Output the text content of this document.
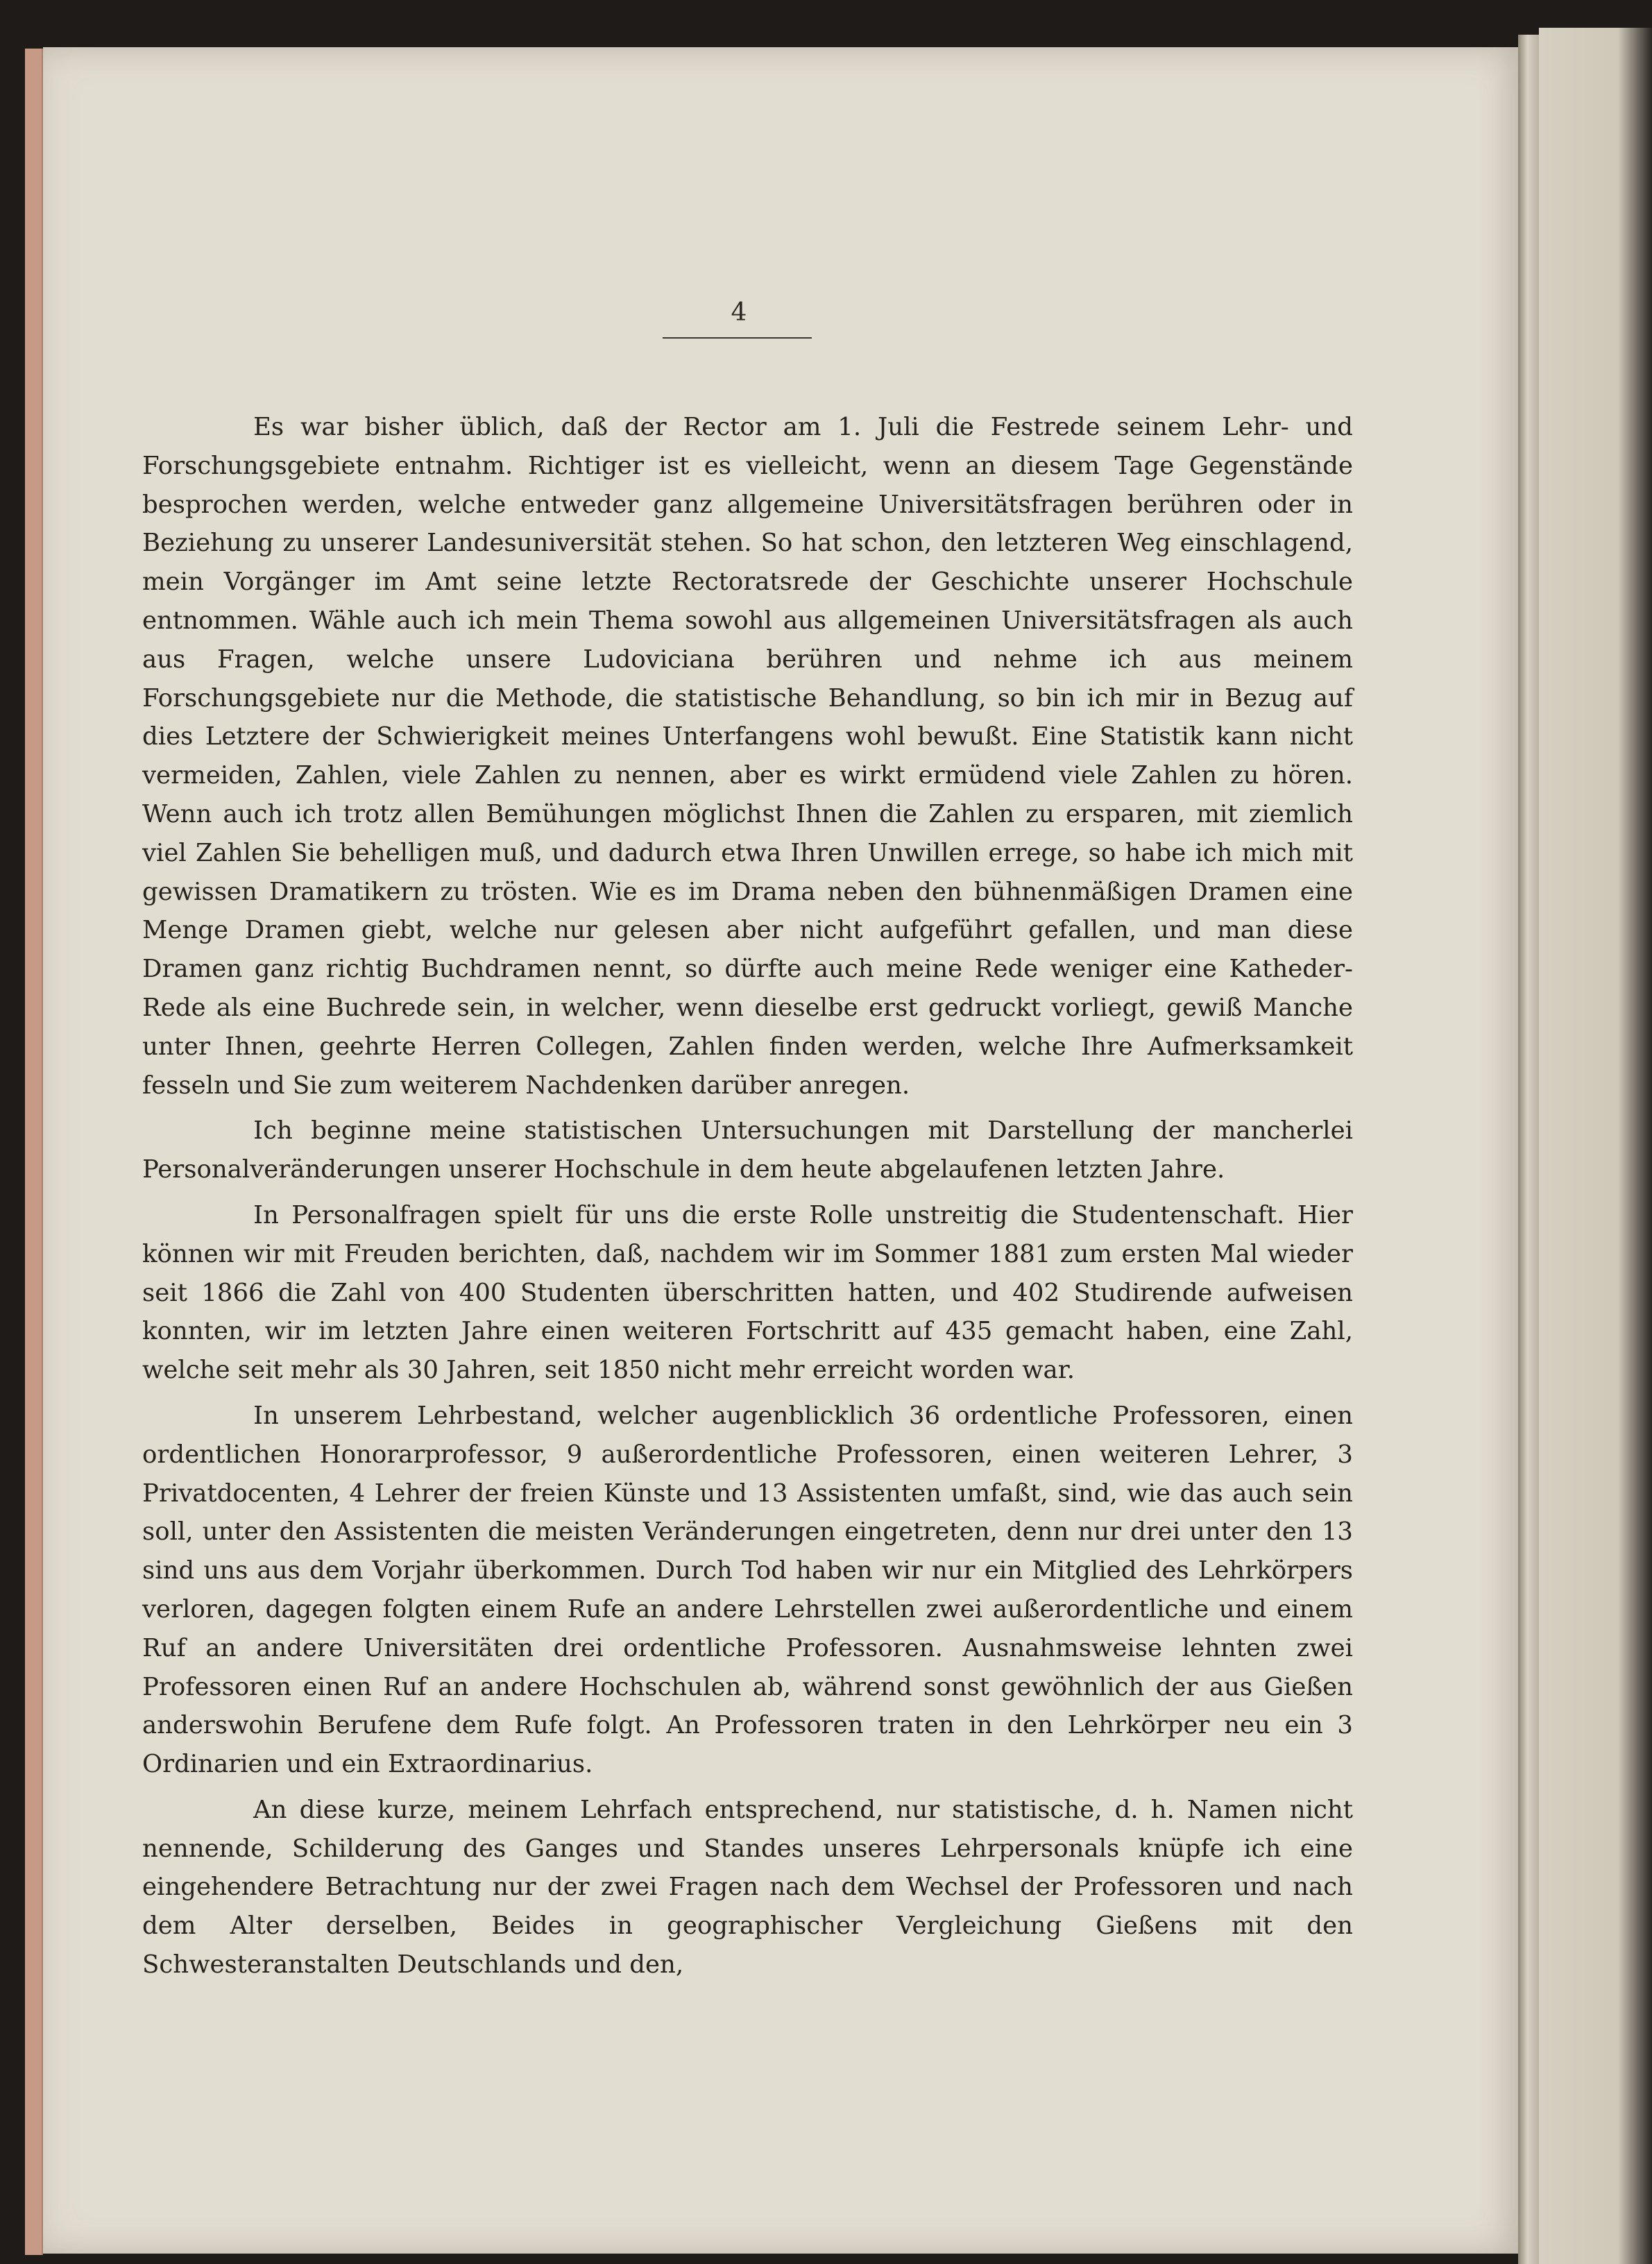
4

Es war bisher üblich, daß der Rector am 1. Juli die Festrede seinem Lehr- und Forschungsgebiete entnahm. Richtiger ist es vielleicht, wenn an diesem Tage Gegenstände besprochen werden, welche entweder ganz allgemeine Universitätsfragen berühren oder in Beziehung zu unserer Landesuniversität stehen. So hat schon, den letzteren Weg einschlagend, mein Vorgänger im Amt seine letzte Rectoratsrede der Geschichte unserer Hochschule entnommen. Wähle auch ich mein Thema sowohl aus allgemeinen Universitätsfragen als auch aus Fragen, welche unsere Ludoviciana berühren und nehme ich aus meinem Forschungsgebiete nur die Methode, die statistische Behandlung, so bin ich mir in Bezug auf dies Letztere der Schwierigkeit meines Unterfangens wohl bewußt. Eine Statistik kann nicht vermeiden, Zahlen, viele Zahlen zu nennen, aber es wirkt ermüdend viele Zahlen zu hören. Wenn auch ich trotz allen Bemühungen möglichst Ihnen die Zahlen zu ersparen, mit ziemlich viel Zahlen Sie behelligen muß, und dadurch etwa Ihren Unwillen errege, so habe ich mich mit gewissen Dramatikern zu trösten. Wie es im Drama neben den bühnenmäßigen Dramen eine Menge Dramen giebt, welche nur gelesen aber nicht aufgeführt gefallen, und man diese Dramen ganz richtig Buchdramen nennt, so dürfte auch meine Rede weniger eine Katheder-Rede als eine Buchrede sein, in welcher, wenn dieselbe erst gedruckt vorliegt, gewiß Manche unter Ihnen, geehrte Herren Collegen, Zahlen finden werden, welche Ihre Aufmerksamkeit fesseln und Sie zum weiterem Nachdenken darüber anregen.

Ich beginne meine statistischen Untersuchungen mit Darstellung der mancherlei Personalveränderungen unserer Hochschule in dem heute abgelaufenen letzten Jahre.

In Personalfragen spielt für uns die erste Rolle unstreitig die Studentenschaft. Hier können wir mit Freuden berichten, daß, nachdem wir im Sommer 1881 zum ersten Mal wieder seit 1866 die Zahl von 400 Studenten überschritten hatten, und 402 Studirende aufweisen konnten, wir im letzten Jahre einen weiteren Fortschritt auf 435 gemacht haben, eine Zahl, welche seit mehr als 30 Jahren, seit 1850 nicht mehr erreicht worden war.

In unserem Lehrbestand, welcher augenblicklich 36 ordentliche Professoren, einen ordentlichen Honorarprofessor, 9 außerordentliche Professoren, einen weiteren Lehrer, 3 Privatdocenten, 4 Lehrer der freien Künste und 13 Assistenten umfaßt, sind, wie das auch sein soll, unter den Assistenten die meisten Veränderungen eingetreten, denn nur drei unter den 13 sind uns aus dem Vorjahr überkommen. Durch Tod haben wir nur ein Mitglied des Lehrkörpers verloren, dagegen folgten einem Rufe an andere Lehrstellen zwei außerordentliche und einem Ruf an andere Universitäten drei ordentliche Professoren. Ausnahmsweise lehnten zwei Professoren einen Ruf an andere Hochschulen ab, während sonst gewöhnlich der aus Gießen anderswohin Berufene dem Rufe folgt. An Professoren traten in den Lehrkörper neu ein 3 Ordinarien und ein Extraordinarius.

An diese kurze, meinem Lehrfach entsprechend, nur statistische, d. h. Namen nicht nennende, Schilderung des Ganges und Standes unseres Lehrpersonals knüpfe ich eine eingehendere Betrachtung nur der zwei Fragen nach dem Wechsel der Professoren und nach dem Alter derselben, Beides in geographischer Vergleichung Gießens mit den Schwesteranstalten Deutschlands und den,
